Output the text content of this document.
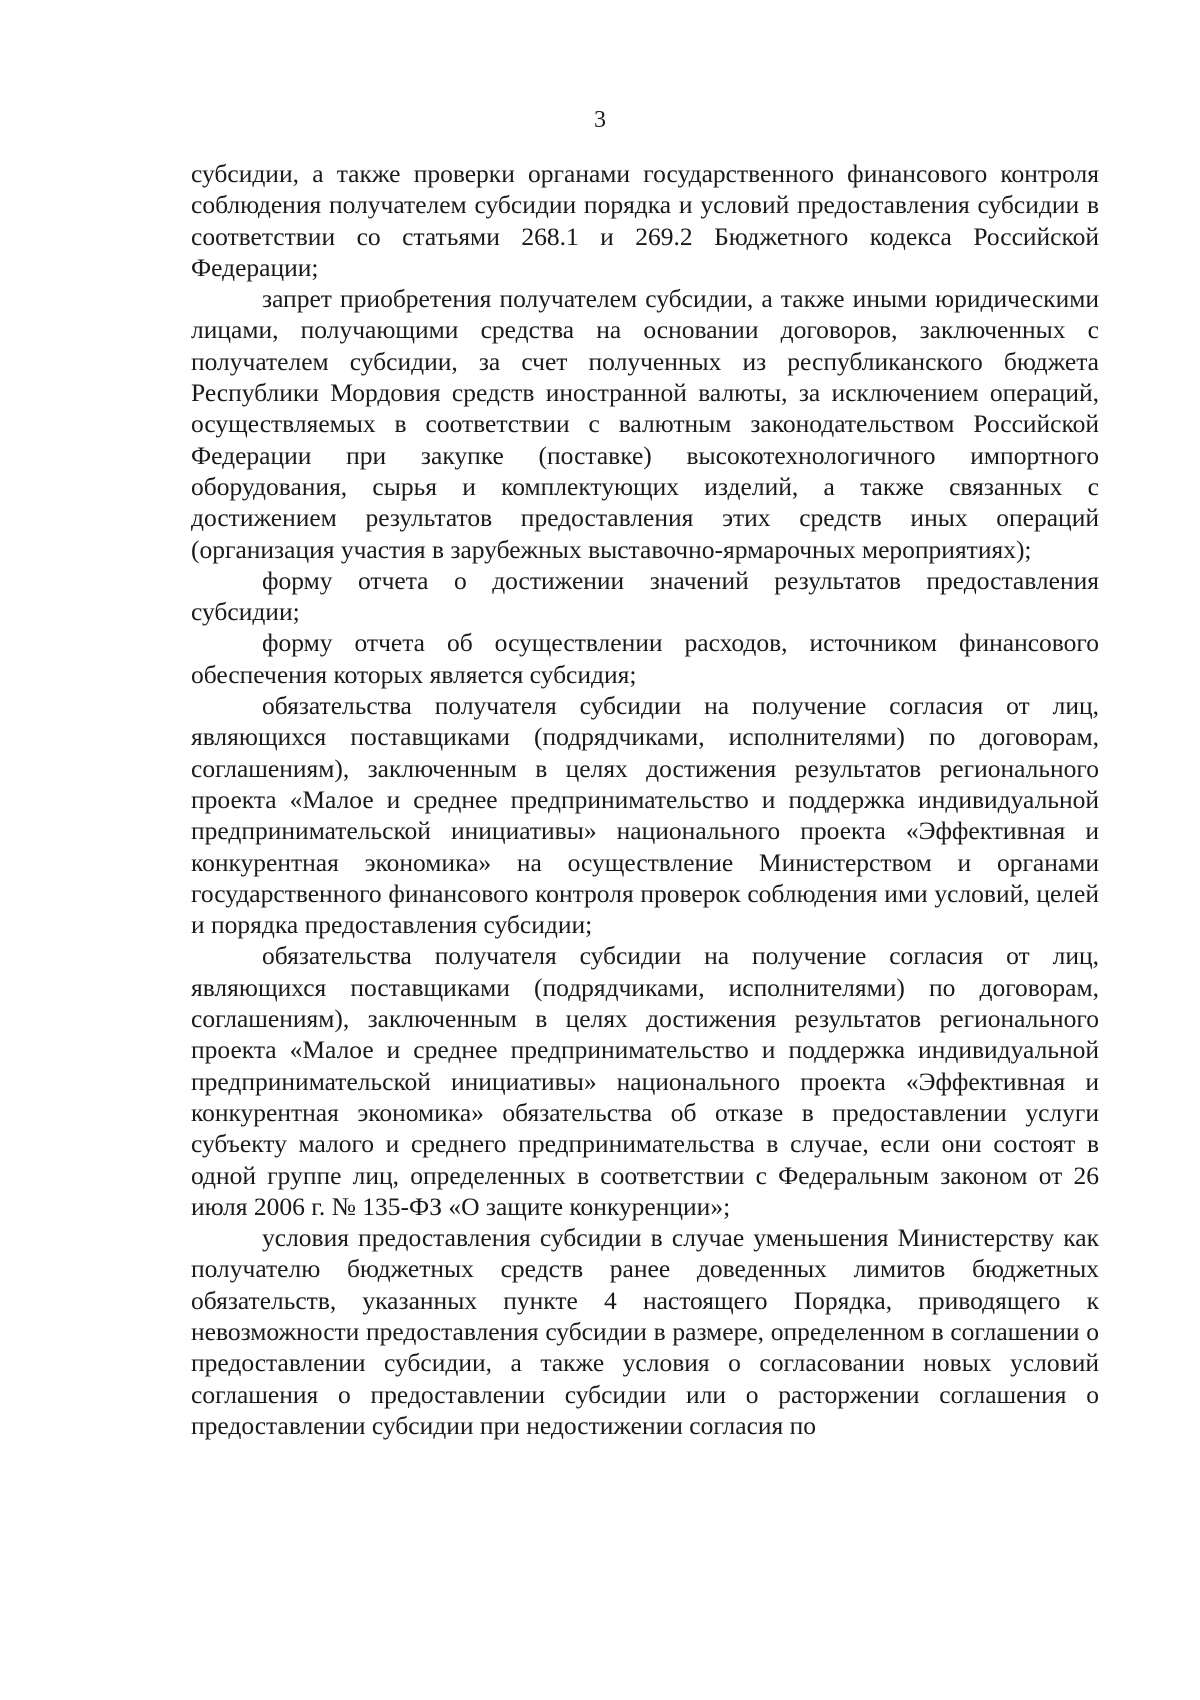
3

субсидии, а также проверки органами государственного финансового контроля соблюдения получателем субсидии порядка и условий предоставления субсидии в соответствии со статьями 268.1 и 269.2 Бюджетного кодекса Российской Федерации;

запрет приобретения получателем субсидии, а также иными юридическими лицами, получающими средства на основании договоров, заключенных с получателем субсидии, за счет полученных из республиканского бюджета Республики Мордовия средств иностранной валюты, за исключением операций, осуществляемых в соответствии с валютным законодательством Российской Федерации при закупке (поставке) высокотехнологичного импортного оборудования, сырья и комплектующих изделий, а также связанных с достижением результатов предоставления этих средств иных операций (организация участия в зарубежных выставочно-ярмарочных мероприятиях);

форму отчета о достижении значений результатов предоставления субсидии;

форму отчета об осуществлении расходов, источником финансового обеспечения которых является субсидия;

обязательства получателя субсидии на получение согласия от лиц, являющихся поставщиками (подрядчиками, исполнителями) по договорам, соглашениям), заключенным в целях достижения результатов регионального проекта «Малое и среднее предпринимательство и поддержка индивидуальной предпринимательской инициативы» национального проекта «Эффективная и конкурентная экономика» на осуществление Министерством и органами государственного финансового контроля проверок соблюдения ими условий, целей и порядка предоставления субсидии;

обязательства получателя субсидии на получение согласия от лиц, являющихся поставщиками (подрядчиками, исполнителями) по договорам, соглашениям), заключенным в целях достижения результатов регионального проекта «Малое и среднее предпринимательство и поддержка индивидуальной предпринимательской инициативы» национального проекта «Эффективная и конкурентная экономика» обязательства об отказе в предоставлении услуги субъекту малого и среднего предпринимательства в случае, если они состоят в одной группе лиц, определенных в соответствии с Федеральным законом от 26 июля 2006 г. № 135-ФЗ «О защите конкуренции»;

условия предоставления субсидии в случае уменьшения Министерству как получателю бюджетных средств ранее доведенных лимитов бюджетных обязательств, указанных пункте 4 настоящего Порядка, приводящего к невозможности предоставления субсидии в размере, определенном в соглашении о предоставлении субсидии, а также условия о согласовании новых условий соглашения о предоставлении субсидии или о расторжении соглашения о предоставлении субсидии при недостижении согласия по
